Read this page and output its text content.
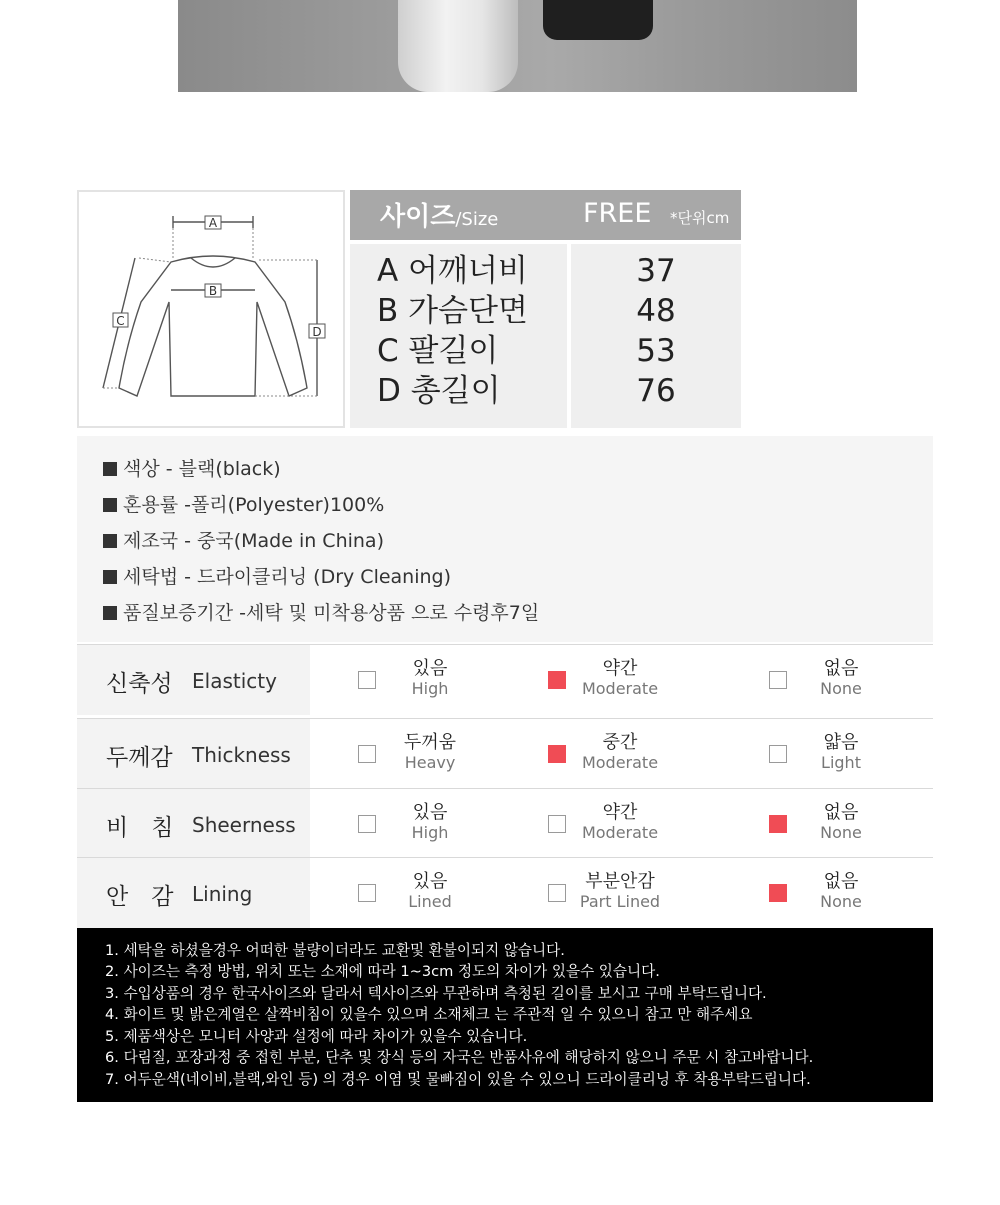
A
B
C
D
사이즈/Size	FREE *단위cm
A 어깨너비
B 가슴단면
C 팔길이
D 총길이
37
48
53
76
색상 - 블랙(black)
혼용률 -폴리(Polyester)100%
제조국 - 중국(Made in China)
세탁법 - 드라이클리닝 (Dry Cleaning)
품질보증기간 -세탁 및 미착용상품 으로 수령후7일
신축성 Elasticty
있음
High
약간
Moderate
없음
None
두께감 Thickness
두꺼움
Heavy
중간
Moderate
얇음
Light
비　침 Sheerness
있음
High
약간
Moderate
없음
None
안　감 Lining
있음
Lined
부분안감
Part Lined
없음
None
1. 세탁을 하셨을경우 어떠한 불량이더라도 교환및 환불이되지 않습니다.
2. 사이즈는 측정 방법, 위치 또는 소재에 따라 1~3cm 정도의 차이가 있을수 있습니다.
3. 수입상품의 경우 한국사이즈와 달라서 텍사이즈와 무관하며 측청된 길이를 보시고 구매 부탁드립니다.
4. 화이트 및 밝은계열은 살짝비침이 있을수 있으며 소재체크 는 주관적 일 수 있으니 참고 만 해주세요
5. 제품색상은 모니터 사양과 설정에 따라 차이가 있을수 있습니다.
6. 다림질, 포장과정 중 접힌 부분, 단추 및 장식 등의 자국은 반품사유에 해당하지 않으니 주문 시 참고바랍니다.
7. 어두운색(네이비,블랙,와인 등) 의 경우 이염 및 물빠짐이 있을 수 있으니 드라이클리닝 후 착용부탁드립니다.
